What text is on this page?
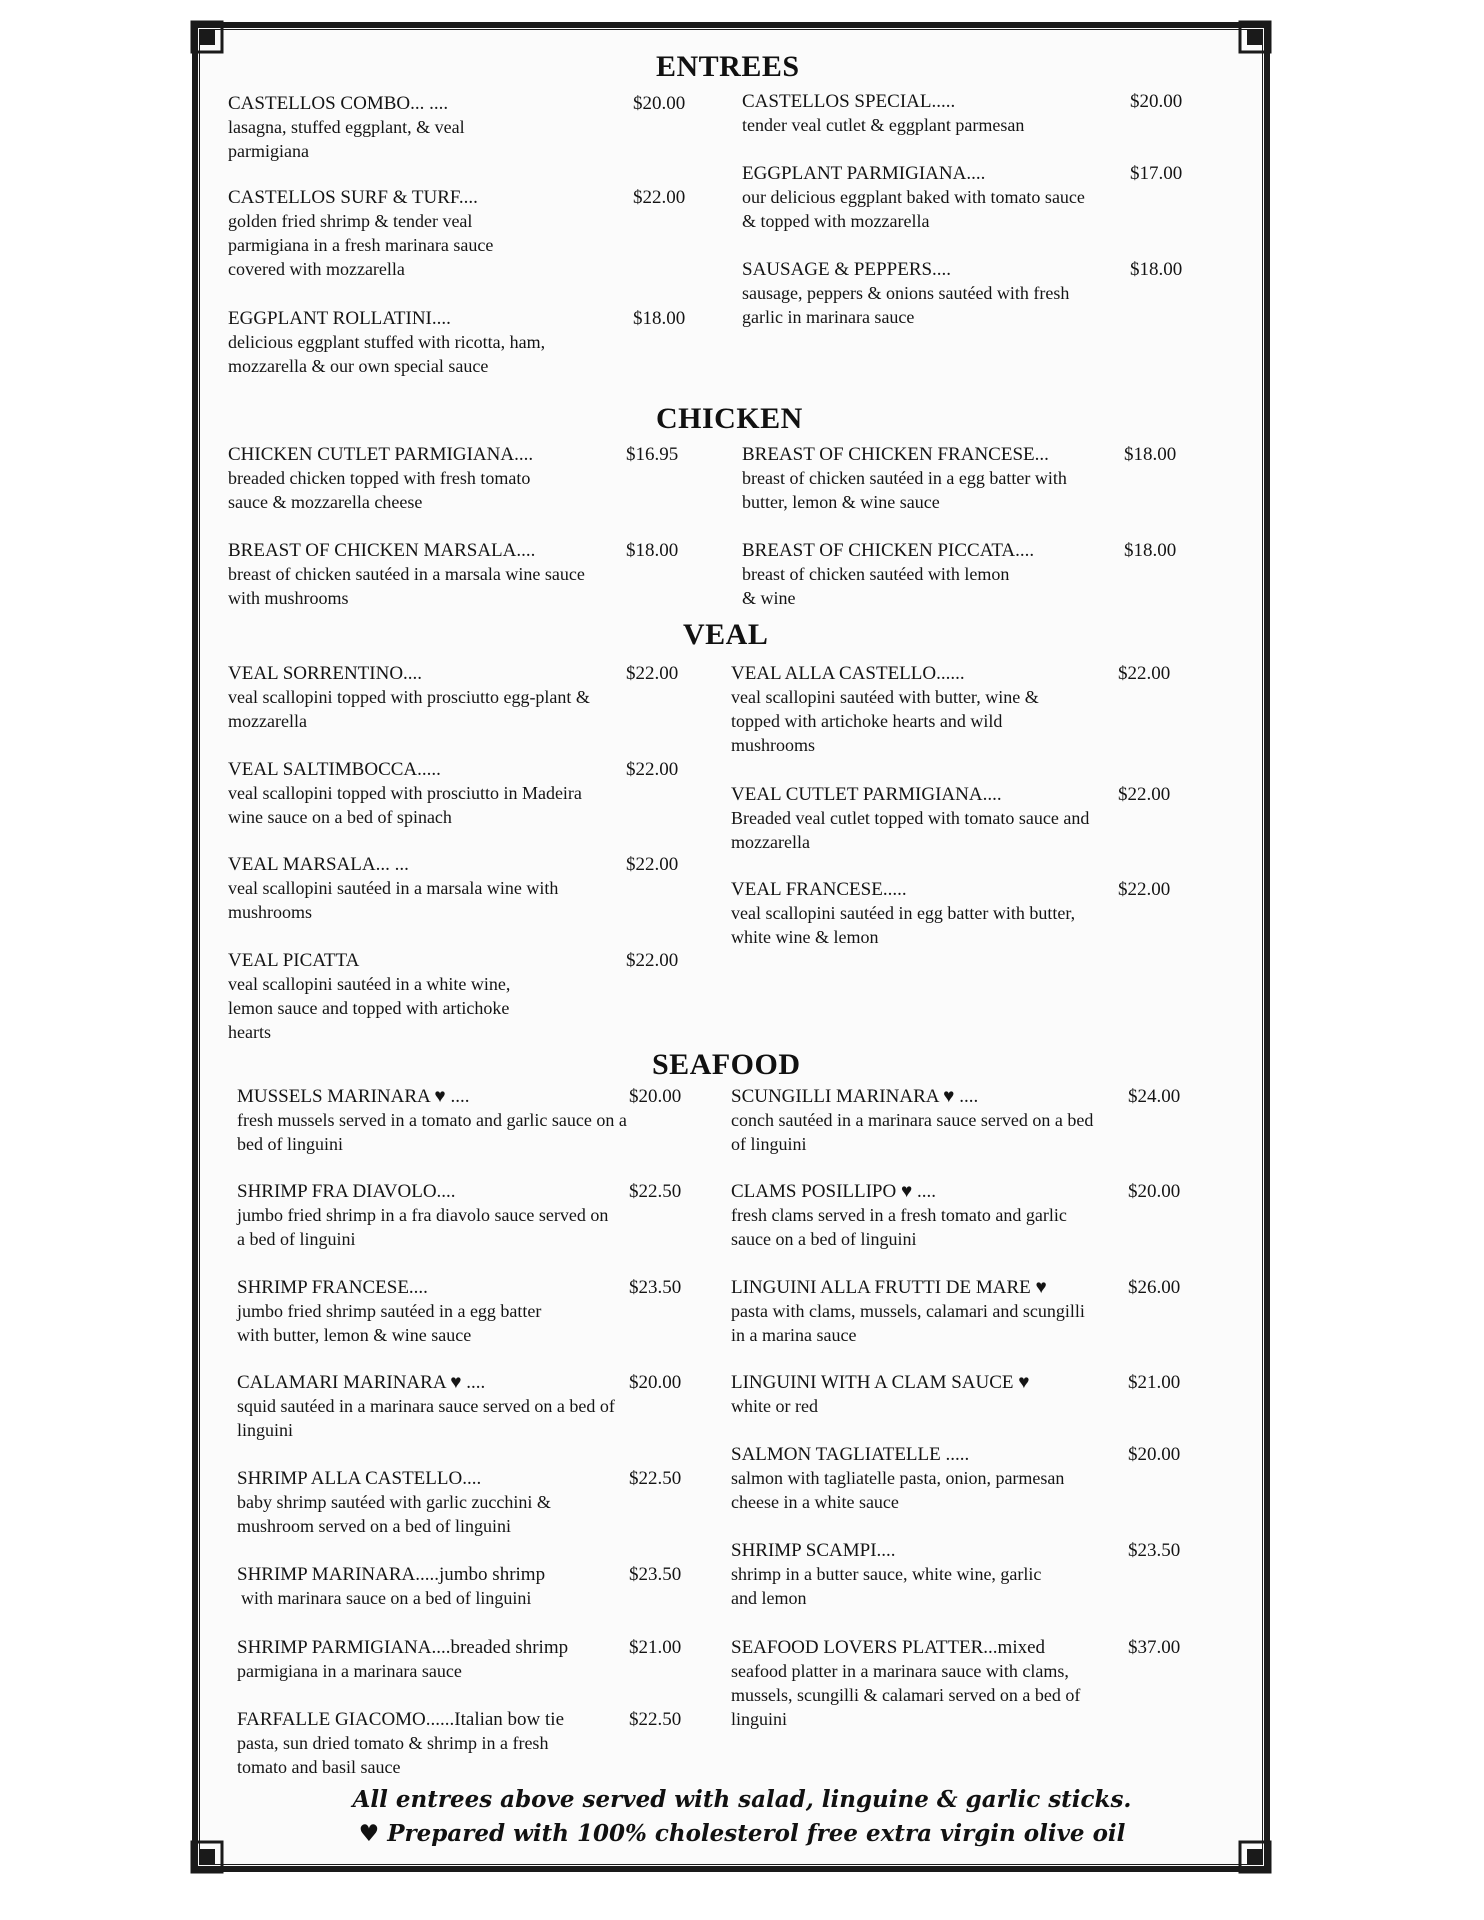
ENTREES
CASTELLOS COMBO... ....
lasagna, stuffed eggplant, & veal parmigiana
$20.00
CASTELLOS SURF & TURF....
golden fried shrimp & tender veal parmigiana in a fresh marinara sauce covered with mozzarella
$22.00
EGGPLANT ROLLATINI....
delicious eggplant stuffed with ricotta, ham, mozzarella & our own special sauce
$18.00
CASTELLOS SPECIAL.....
tender veal cutlet & eggplant parmesan
$20.00
EGGPLANT PARMIGIANA....
our delicious eggplant baked with tomato sauce & topped with mozzarella
$17.00
SAUSAGE & PEPPERS....
sausage, peppers & onions sautéed with fresh garlic in marinara sauce
$18.00
CHICKEN
CHICKEN CUTLET PARMIGIANA....
breaded chicken topped with fresh tomato sauce & mozzarella cheese
$16.95
BREAST OF CHICKEN MARSALA....
breast of chicken sautéed in a marsala wine sauce with mushrooms
$18.00
BREAST OF CHICKEN FRANCESE...
breast of chicken sautéed in a egg batter with butter, lemon & wine sauce
$18.00
BREAST OF CHICKEN PICCATA....
breast of chicken sautéed with lemon & wine
$18.00
VEAL
VEAL SORRENTINO....
veal scallopini topped with prosciutto egg-plant & mozzarella
$22.00
VEAL SALTIMBOCCA.....
veal scallopini topped with prosciutto in Madeira wine sauce on a bed of spinach
$22.00
VEAL MARSALA... ...
veal scallopini sautéed in a marsala wine with mushrooms
$22.00
VEAL PICATTA
veal scallopini sautéed in a white wine, lemon sauce and topped with artichoke hearts
$22.00
VEAL ALLA CASTELLO......
veal scallopini sautéed with butter, wine & topped with artichoke hearts and wild mushrooms
$22.00
VEAL CUTLET PARMIGIANA....
Breaded veal cutlet topped with tomato sauce and mozzarella
$22.00
VEAL FRANCESE.....
veal scallopini sautéed in egg batter with butter, white wine & lemon
$22.00
SEAFOOD
MUSSELS MARINARA ♥ ....
fresh mussels served in a tomato and garlic sauce on a bed of linguini
$20.00
SHRIMP FRA DIAVOLO....
jumbo fried shrimp in a fra diavolo sauce served on a bed of linguini
$22.50
SHRIMP FRANCESE....
jumbo fried shrimp sautéed in a egg batter with butter, lemon & wine sauce
$23.50
CALAMARI MARINARA ♥ ....
squid sautéed in a marinara sauce served on a bed of linguini
$20.00
SHRIMP ALLA CASTELLO....
baby shrimp sautéed with garlic zucchini & mushroom served on a bed of linguini
$22.50
SHRIMP MARINARA.....jumbo shrimp
with marinara sauce on a bed of linguini
$23.50
SHRIMP PARMIGIANA....breaded shrimp
parmigiana in a marinara sauce
$21.00
FARFALLE GIACOMO......Italian bow tie
pasta, sun dried tomato & shrimp in a fresh tomato and basil sauce
$22.50
SCUNGILLI MARINARA ♥ ....
conch sautéed in a marinara sauce served on a bed of linguini
$24.00
CLAMS POSILLIPO ♥ ....
fresh clams served in a fresh tomato and garlic sauce on a bed of linguini
$20.00
LINGUINI ALLA FRUTTI DE MARE ♥
pasta with clams, mussels, calamari and scungilli in a marina sauce
$26.00
LINGUINI WITH A CLAM SAUCE ♥
white or red
$21.00
SALMON TAGLIATELLE .....
salmon with tagliatelle pasta, onion, parmesan cheese in a white sauce
$20.00
SHRIMP SCAMPI....
shrimp in a butter sauce, white wine, garlic and lemon
$23.50
SEAFOOD LOVERS PLATTER...mixed
seafood platter in a marinara sauce with clams, mussels, scungilli & calamari served on a bed of linguini
$37.00
All entrees above served with salad, linguine & garlic sticks.
♥ Prepared with 100% cholesterol free extra virgin olive oil
